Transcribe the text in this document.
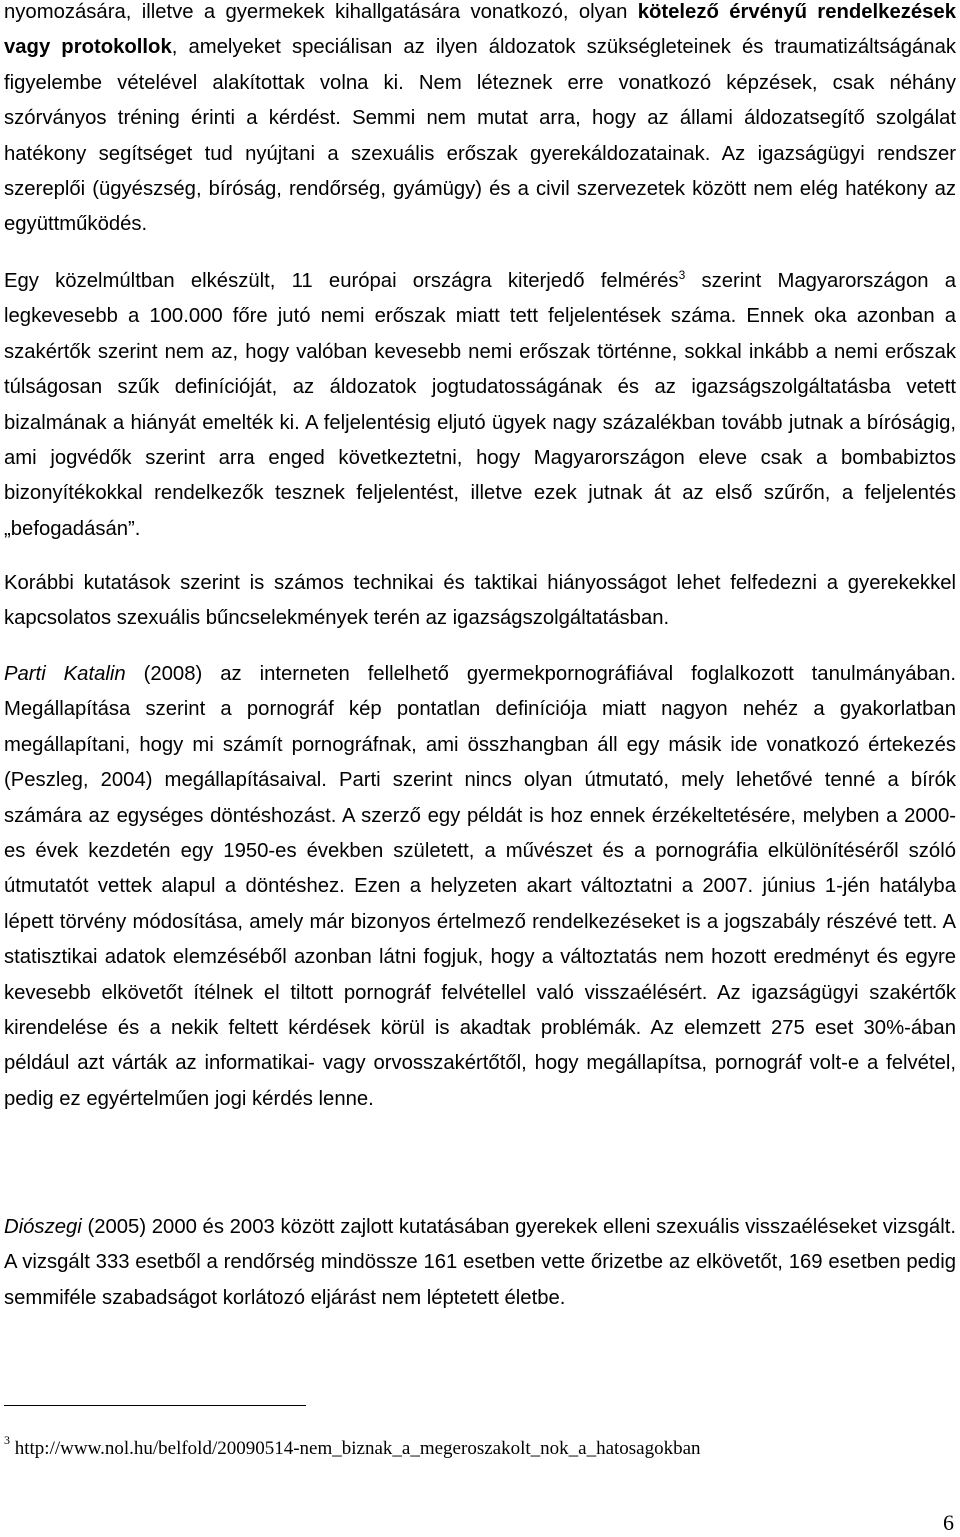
nyomozására, illetve a gyermekek kihallgatására vonatkozó, olyan kötelező érvényű rendelkezések vagy protokollok, amelyeket speciálisan az ilyen áldozatok szükségleteinek és traumatizáltságának figyelembe vételével alakítottak volna ki. Nem léteznek erre vonatkozó képzések, csak néhány szórványos tréning érinti a kérdést. Semmi nem mutat arra, hogy az állami áldozatsegítő szolgálat hatékony segítséget tud nyújtani a szexuális erőszak gyerekáldozatainak. Az igazságügyi rendszer szereplői (ügyészség, bíróság, rendőrség, gyámügy) és a civil szervezetek között nem elég hatékony az együttműködés.

Egy közelmúltban elkészült, 11 európai országra kiterjedő felmérés$^3$ szerint Magyarországon a legkevesebb a 100.000 főre jutó nemi erőszak miatt tett feljelentések száma. Ennek oka azonban a szakértők szerint nem az, hogy valóban kevesebb nemi erőszak történne, sokkal inkább a nemi erőszak túlságosan szűk definícióját, az áldozatok jogtudatosságának és az igazságszolgáltatásba vetett bizalmának a hiányát emelték ki. A feljelentésig eljutó ügyek nagy százalékban tovább jutnak a bíróságig, ami jogvédők szerint arra enged következtetni, hogy Magyarországon eleve csak a bombabiztos bizonyítékokkal rendelkezők tesznek feljelentést, illetve ezek jutnak át az első szűrőn, a feljelentés „befogadásán”.

Korábbi kutatások szerint is számos technikai és taktikai hiányosságot lehet felfedezni a gyerekekkel kapcsolatos szexuális bűncselekmények terén az igazságszolgáltatásban.

Parti Katalin (2008) az interneten fellelhető gyermekpornográfiával foglalkozott tanulmányában. Megállapítása szerint a pornográf kép pontatlan definíciója miatt nagyon nehéz a gyakorlatban megállapítani, hogy mi számít pornográfnak, ami összhangban áll egy másik ide vonatkozó értekezés (Peszleg, 2004) megállapításaival. Parti szerint nincs olyan útmutató, mely lehetővé tenné a bírók számára az egységes döntéshozást. A szerző egy példát is hoz ennek érzékeltetésére, melyben a 2000-es évek kezdetén egy 1950-es években született, a művészet és a pornográfia elkülönítéséről szóló útmutatót vettek alapul a döntéshez. Ezen a helyzeten akart változtatni a 2007. június 1-jén hatályba lépett törvény módosítása, amely már bizonyos értelmező rendelkezéseket is a jogszabály részévé tett. A statisztikai adatok elemzéséből azonban látni fogjuk, hogy a változtatás nem hozott eredményt és egyre kevesebb elkövetőt ítélnek el tiltott pornográf felvétellel való visszaélésért. Az igazságügyi szakértők kirendelése és a nekik feltett kérdések körül is akadtak problémák. Az elemzett 275 eset 30%-ában például azt várták az informatikai- vagy orvosszakértőtől, hogy megállapítsa, pornográf volt-e a felvétel, pedig ez egyértelműen jogi kérdés lenne.

Diószegi (2005) 2000 és 2003 között zajlott kutatásában gyerekek elleni szexuális visszaéléseket vizsgált. A vizsgált 333 esetből a rendőrség mindössze 161 esetben vette őrizetbe az elkövetőt, 169 esetben pedig semmiféle szabadságot korlátozó eljárást nem léptetett életbe.

$^3$ http://www.nol.hu/belfold/20090514-nem_biznak_a_megeroszakolt_nok_a_hatosagokban
6
